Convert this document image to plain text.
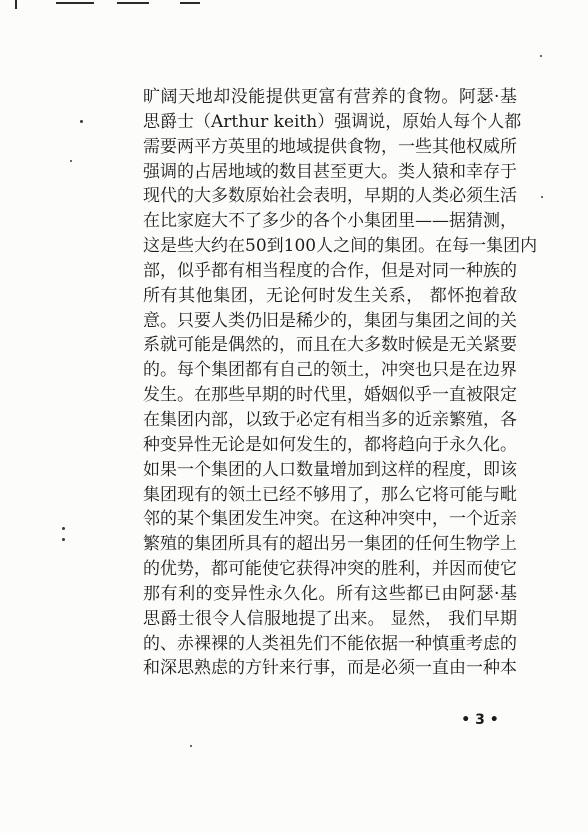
旷阔天地却没能提供更富有营养的食物。阿瑟·基
思爵士（Arthur keith）强调说，原始人每个人都
需要两平方英里的地域提供食物，一些其他权威所
强调的占居地域的数目甚至更大。类人猿和幸存于
现代的大多数原始社会表明，早期的人类必须生活
在比家庭大不了多少的各个小集团里——据猜测，
这是些大约在50到100人之间的集团。在每一集团内
部，似乎都有相当程度的合作，但是对同一种族的
所有其他集团，无论何时发生关系， 都怀抱着敌
意。只要人类仍旧是稀少的，集团与集团之间的关
系就可能是偶然的，而且在大多数时候是无关紧要
的。每个集团都有自己的领土，冲突也只是在边界
发生。在那些早期的时代里，婚姻似乎一直被限定
在集团内部，以致于必定有相当多的近亲繁殖，各
种变异性无论是如何发生的，都将趋向于永久化。
如果一个集团的人口数量增加到这样的程度，即该
集团现有的领土已经不够用了，那么它将可能与毗
邻的某个集团发生冲突。在这种冲突中，一个近亲
繁殖的集团所具有的超出另一集团的任何生物学上
的优势，都可能使它获得冲突的胜利，并因而使它
那有利的变异性永久化。所有这些都已由阿瑟·基
思爵士很令人信服地提了出来。 显然， 我们早期
的、赤裸裸的人类祖先们不能依据一种慎重考虑的
和深思熟虑的方针来行事，而是必须一直由一种本
• 3 •
